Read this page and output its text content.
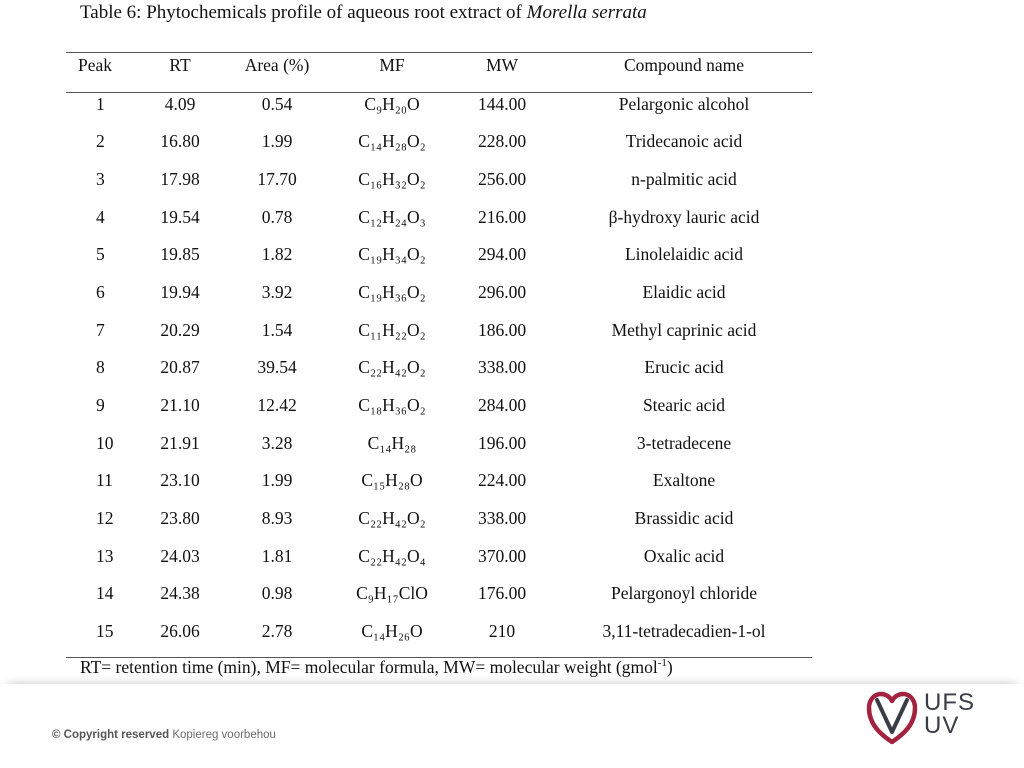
Table 6: Phytochemicals profile of aqueous root extract of Morella serrata
Peak	RT	Area (%)	MF	MW	Compound name
1	4.09	0.54	C₉H₂₀O	144.00	Pelargonic alcohol
2	16.80	1.99	C₁₄H₂₈O₂	228.00	Tridecanoic acid
3	17.98	17.70	C₁₆H₃₂O₂	256.00	n-palmitic acid
4	19.54	0.78	C₁₂H₂₄O₃	216.00	β-hydroxy lauric acid
5	19.85	1.82	C₁₉H₃₄O₂	294.00	Linolelaidic acid
6	19.94	3.92	C₁₉H₃₆O₂	296.00	Elaidic acid
7	20.29	1.54	C₁₁H₂₂O₂	186.00	Methyl caprinic acid
8	20.87	39.54	C₂₂H₄₂O₂	338.00	Erucic acid
9	21.10	12.42	C₁₈H₃₆O₂	284.00	Stearic acid
10	21.91	3.28	C₁₄H₂₈	196.00	3-tetradecene
11	23.10	1.99	C₁₅H₂₈O	224.00	Exaltone
12	23.80	8.93	C₂₂H₄₂O₂	338.00	Brassidic acid
13	24.03	1.81	C₂₂H₄₂O₄	370.00	Oxalic acid
14	24.38	0.98	C₉H₁₇ClO	176.00	Pelargonoyl chloride
15	26.06	2.78	C₁₄H₂₆O	210	3,11-tetradecadien-1-ol
RT= retention time (min), MF= molecular formula, MW= molecular weight (gmol$^{-1}$)
© Copyright reserved Kopiereg voorbehou
UFS
UV
